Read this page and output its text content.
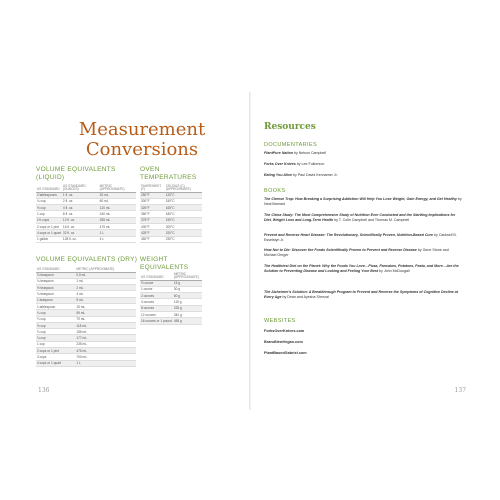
Measurement
Conversions
VOLUME EQUIVALENTS (LIQUID)
US STANDARD	US STANDARD (OUNCES)	METRIC (APPROXIMATE)
2 tablespoons	1 fl. oz.	30 mL
¼ cup	2 fl. oz.	60 mL
½ cup	4 fl. oz.	120 mL
1 cup	8 fl. oz.	240 mL
1½ cups	12 fl. oz.	355 mL
2 cups or 1 pint	16 fl. oz.	475 mL
4 cups or 1 quart	32 fl. oz.	1 L
1 gallon	128 fl. oz.	4 L
OVEN TEMPERATURES
FAHRENHEIT (F)	CELSIUS (C) (APPROXIMATE)
250°F	120°C
300°F	150°C
325°F	165°C
350°F	180°C
375°F	190°C
400°F	200°C
425°F	220°C
450°F	230°C
VOLUME EQUIVALENTS (DRY)
US STANDARD	METRIC (APPROXIMATE)
⅛ teaspoon	0.5 mL
¼ teaspoon	1 mL
½ teaspoon	2 mL
¾ teaspoon	4 mL
1 teaspoon	5 mL
1 tablespoon	15 mL
¼ cup	59 mL
⅓ cup	79 mL
½ cup	118 mL
⅔ cup	156 mL
¾ cup	177 mL
1 cup	235 mL
2 cups or 1 pint	475 mL
3 cups	700 mL
4 cups or 1 quart	1 L
WEIGHT EQUIVALENTS
US STANDARD	METRIC (APPROXIMATE)
½ ounce	15 g
1 ounce	30 g
2 ounces	60 g
4 ounces	115 g
8 ounces	225 g
12 ounces	340 g
16 ounces or 1 pound	455 g
136
Resources
DOCUMENTARIES
PlantPure Nation by Nelson Campbell
Forks Over Knives by Lee Fulkerson
Eating You Alive by Paul David Kennamer Jr.
BOOKS
The Cheese Trap: How Breaking a Surprising Addiction Will Help You Lose Weight, Gain Energy, and Get Healthy by Neal Barnard
The China Study: The Most Comprehensive Study of Nutrition Ever Conducted and the Startling Implications for Diet, Weight Loss and Long-Term Health by T. Colin Campbell and Thomas M. Campbell
Prevent and Reverse Heart Disease: The Revolutionary, Scientifically Proven, Nutrition-Based Cure by Caldwell B. Esselstyn Jr.
How Not to Die: Discover the Foods Scientifically Proven to Prevent and Reverse Disease by Gene Stone and Michael Greger
The Healthiest Diet on the Planet: Why the Foods You Love—Pizza, Pancakes, Potatoes, Pasta, and More—Are the Solution to Preventing Disease and Looking and Feeling Your Best by John McDougall
The Alzheimer's Solution: A Breakthrough Program to Prevent and Reverse the Symptoms of Cognitive Decline at Every Age by Dean and Ayesha Sherzai
WEBSITES
ForksOverKnives.com
BrandNewVegan.com
PlantBasedGabriel.com
137
